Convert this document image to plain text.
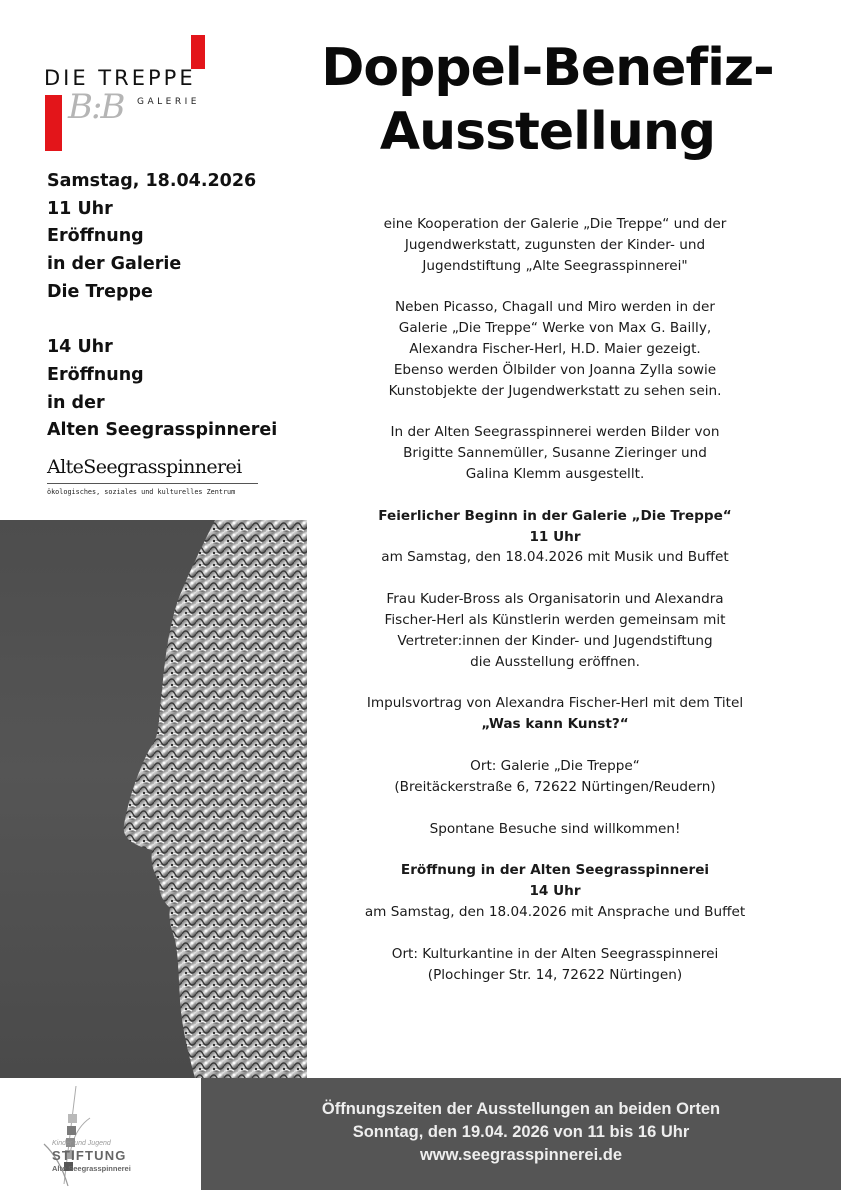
B:B
DIE TREPPE
GALERIE
Samstag, 18.04.2026
11 Uhr
Eröffnung
in der Galerie
Die Treppe
14 Uhr
Eröffnung
in der
Alten Seegrasspinnerei
AlteSeegrasspinnerei
ökologisches, soziales und kulturelles Zentrum
Doppel-Benefiz-
Ausstellung
eine Kooperation der Galerie „Die Treppe“ und der
Jugendwerkstatt, zugunsten der Kinder- und
Jugendstiftung „Alte Seegrasspinnerei"
Neben Picasso, Chagall und Miro werden in der
Galerie „Die Treppe“ Werke von Max G. Bailly,
Alexandra Fischer-Herl, H.D. Maier gezeigt.
Ebenso werden Ölbilder von Joanna Zylla sowie
Kunstobjekte der Jugendwerkstatt zu sehen sein.
In der Alten Seegrasspinnerei werden Bilder von
Brigitte Sannemüller, Susanne Zieringer und
Galina Klemm ausgestellt.
Feierlicher Beginn in der Galerie „Die Treppe“
11 Uhr
am Samstag, den 18.04.2026 mit Musik und Buffet
Frau Kuder-Bross als Organisatorin und Alexandra
Fischer-Herl als Künstlerin werden gemeinsam mit
Vertreter:innen der Kinder- und Jugendstiftung
die Ausstellung eröffnen.
Impulsvortrag von Alexandra Fischer-Herl mit dem Titel
„Was kann Kunst?“
Ort: Galerie „Die Treppe“
(Breitäckerstraße 6, 72622 Nürtingen/Reudern)
Spontane Besuche sind willkommen!
Eröffnung in der Alten Seegrasspinnerei
14 Uhr
am Samstag, den 18.04.2026 mit Ansprache und Buffet
Ort: Kulturkantine in der Alten Seegrasspinnerei
(Plochinger Str. 14, 72622 Nürtingen)
Kinder und Jugend
STIFTUNG
Alte Seegrasspinnerei
Öffnungszeiten der Ausstellungen an beiden Orten
Sonntag, den 19.04. 2026 von 11 bis 16 Uhr
www.seegrasspinnerei.de
